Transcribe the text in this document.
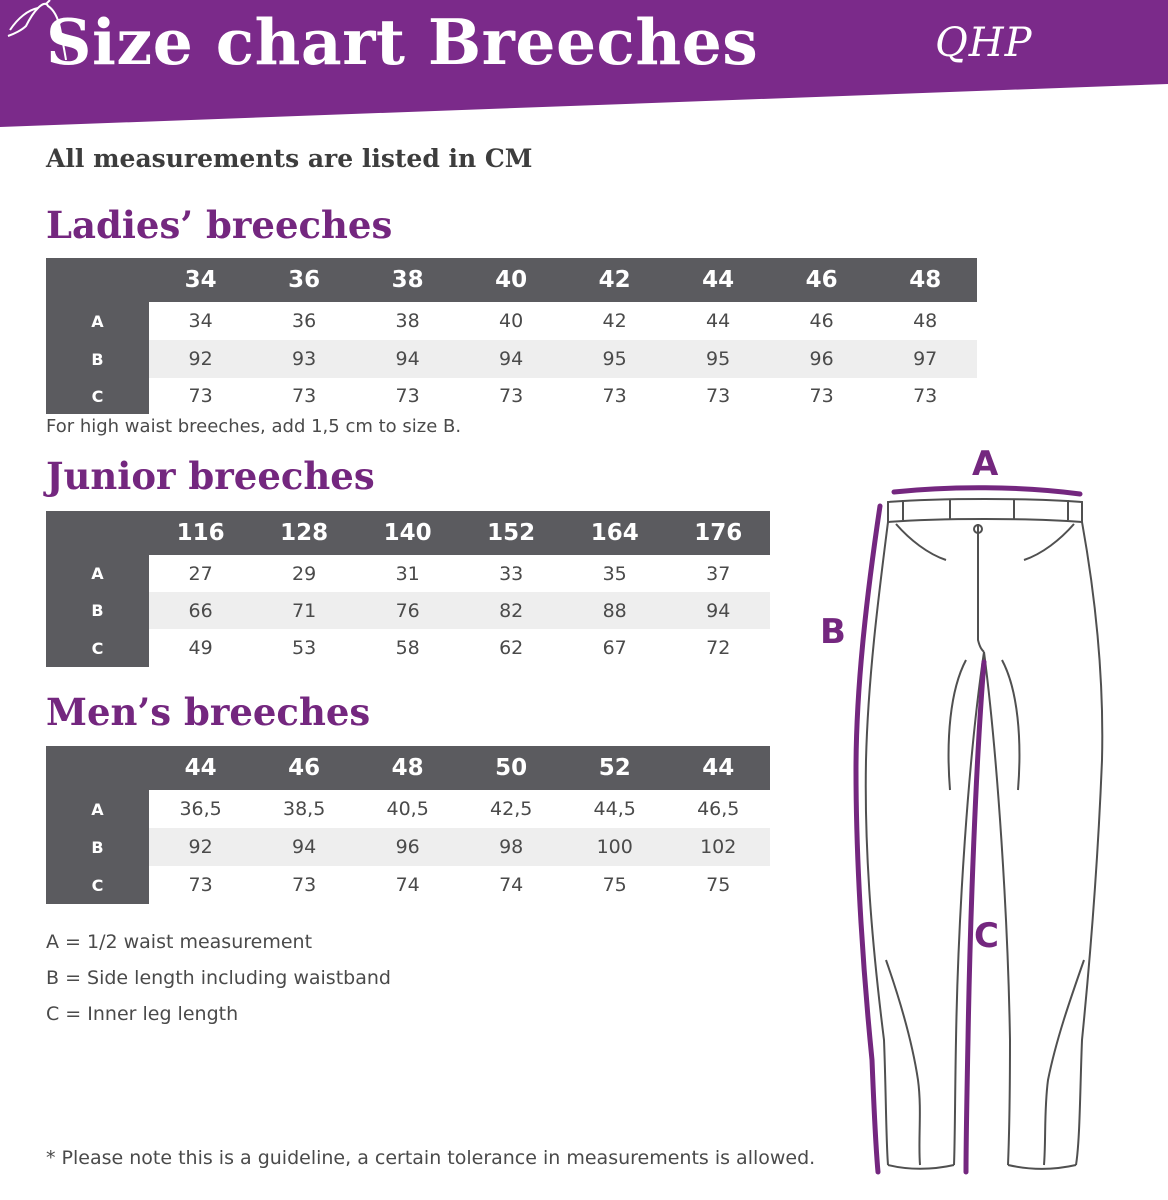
Size chart Breeches	QHP
All measurements are listed in CM
Ladies’ breeches
	34	36	38	40	42	44	46	48
A	34	36	38	40	42	44	46	48
B	92	93	94	94	95	95	96	97
C	73	73	73	73	73	73	73	73

For high waist breeches, add 1,5 cm to size B.

Junior breeches
	116	128	140	152	164	176
A	27	29	31	33	35	37
B	66	71	76	82	88	94
C	49	53	58	62	67	72
Men’s breeches
	44	46	48	50	52	44
A	36,5	38,5	40,5	42,5	44,5	46,5
B	92	94	96	98	100	102
C	73	73	74	74	75	75
A = 1/2 waist measurement
B = Side length including waistband
C = Inner leg length

* Please note this is a guideline, a certain tolerance in measurements is allowed.

A
B
C
